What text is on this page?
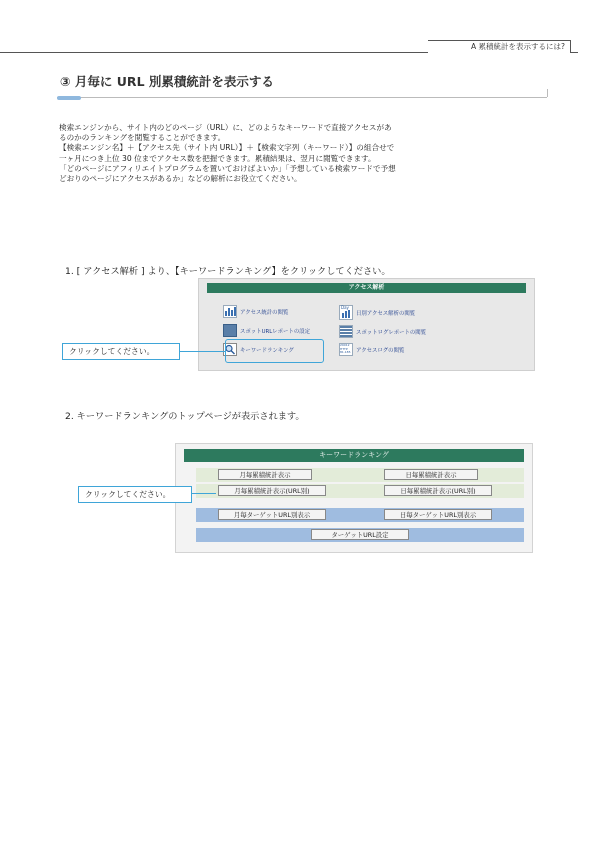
A 累積統計を表示するには?
③ 月毎に URL 別累積統計を表示する
検索エンジンから、サイト内のどのページ（URL）に、どのようなキーワードで直接アクセスがあ
るのかのランキングを閲覧することができます。
【検索エンジン名】＋【アクセス先（サイト内 URL）】＋【検索文字列（キーワード）】の組合せで
一ヶ月につき上位 30 位までアクセス数を把握できます。累積結果は、翌月に閲覧できます。
「どのページにアフィリエイトプログラムを置いておけばよいか」「予想している検索ワードで予想
どおりのページにアクセスがあるか」などの解析にお役立てください。
1. [ アクセス解析 ] より、【キーワードランキング】をクリックしてください。
アクセス解析
アクセス統計の閲覧
スポットURLレポートの設定
キーワードランキング
Day
日別アクセス解析の閲覧
スポットログレポートの閲覧
29012
HTTP
81.185 アクセスログの閲覧
クリックしてください。
2. キーワードランキングのトップページが表示されます。
キーワードランキング
月毎累積統計表示	日毎累積統計表示
月毎累積統計表示(URL別)	日毎累積統計表示(URL別)
月毎ターゲットURL別表示	日毎ターゲットURL別表示
ターゲットURL設定
クリックしてください。
